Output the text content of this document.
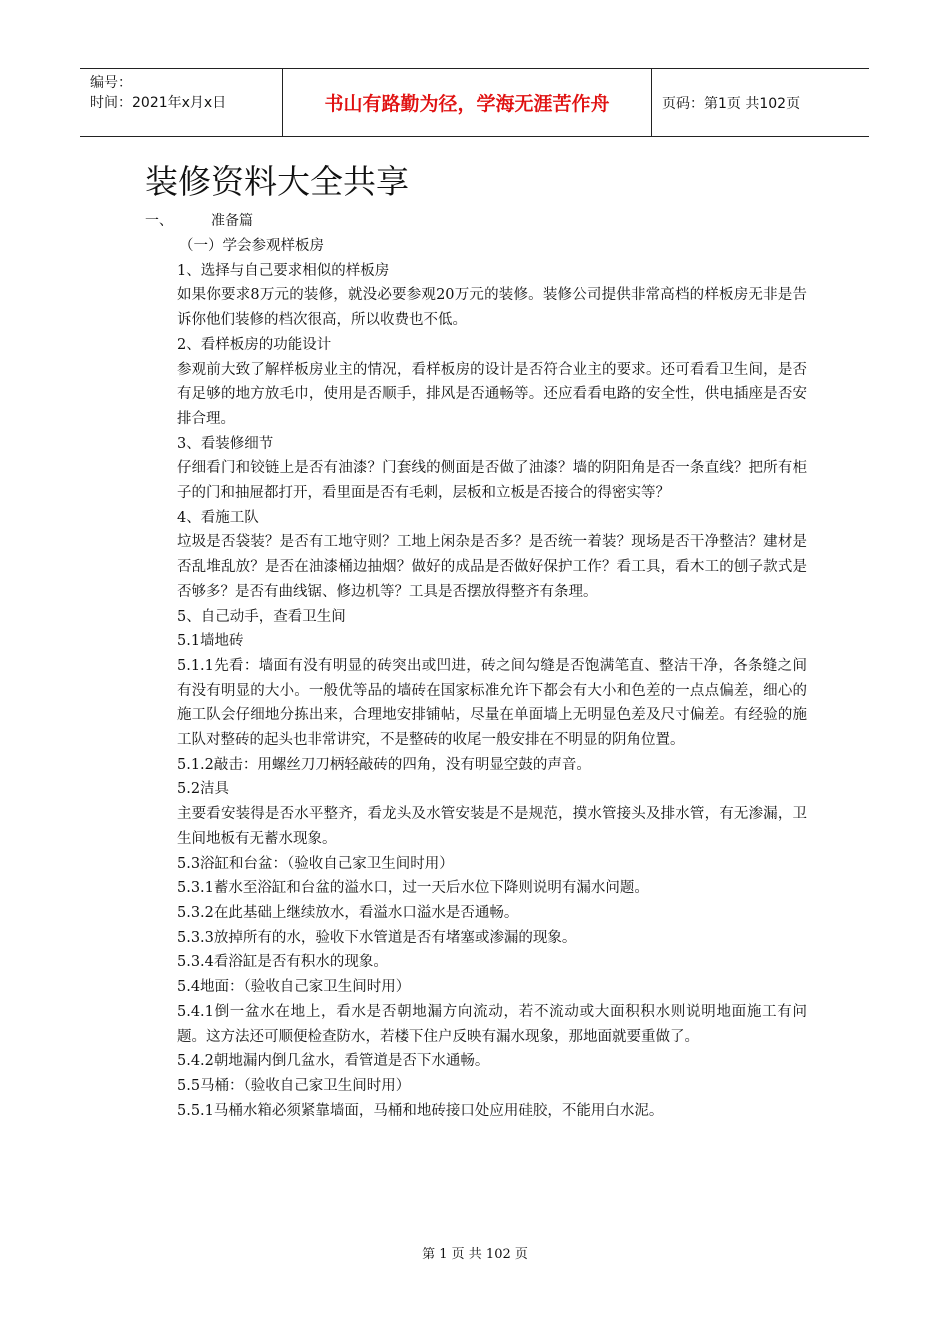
编号：
时间：2021年x月x日	书山有路勤为径，学海无涯苦作舟	页码：第1页 共102页
装修资料大全共享
一、	准备篇

（一）学会参观样板房

1、选择与自己要求相似的样板房

如果你要求8万元的装修，就没必要参观20万元的装修。装修公司提供非常高档的样板房无非是告诉你他们装修的档次很高，所以收费也不低。

2、看样板房的功能设计

参观前大致了解样板房业主的情况，看样板房的设计是否符合业主的要求。还可看看卫生间，是否有足够的地方放毛巾，使用是否顺手，排风是否通畅等。还应看看电路的安全性，供电插座是否安排合理。

3、看装修细节

仔细看门和铰链上是否有油漆？门套线的侧面是否做了油漆？墙的阴阳角是否一条直线？把所有柜子的门和抽屉都打开，看里面是否有毛刺，层板和立板是否接合的得密实等？

4、看施工队

垃圾是否袋装？是否有工地守则？工地上闲杂是否多？是否统一着装？现场是否干净整洁？建材是否乱堆乱放？是否在油漆桶边抽烟？做好的成品是否做好保护工作？看工具，看木工的刨子款式是否够多？是否有曲线锯、修边机等？工具是否摆放得整齐有条理。

5、自己动手，查看卫生间

5.1墙地砖

5.1.1先看：墙面有没有明显的砖突出或凹进，砖之间勾缝是否饱满笔直、整洁干净，各条缝之间有没有明显的大小。一般优等品的墙砖在国家标准允许下都会有大小和色差的一点点偏差，细心的施工队会仔细地分拣出来，合理地安排铺帖，尽量在单面墙上无明显色差及尺寸偏差。有经验的施工队对整砖的起头也非常讲究，不是整砖的收尾一般安排在不明显的阴角位置。

5.1.2敲击：用螺丝刀刀柄轻敲砖的四角，没有明显空鼓的声音。

5.2洁具

主要看安装得是否水平整齐，看龙头及水管安装是不是规范，摸水管接头及排水管，有无渗漏，卫生间地板有无蓄水现象。

5.3浴缸和台盆：（验收自己家卫生间时用）

5.3.1蓄水至浴缸和台盆的溢水口，过一天后水位下降则说明有漏水问题。

5.3.2在此基础上继续放水，看溢水口溢水是否通畅。

5.3.3放掉所有的水，验收下水管道是否有堵塞或渗漏的现象。

5.3.4看浴缸是否有积水的现象。

5.4地面：（验收自己家卫生间时用）

5.4.1倒一盆水在地上，看水是否朝地漏方向流动，若不流动或大面积积水则说明地面施工有问题。这方法还可顺便检查防水，若楼下住户反映有漏水现象，那地面就要重做了。

5.4.2朝地漏内倒几盆水，看管道是否下水通畅。

5.5马桶：（验收自己家卫生间时用）

5.5.1马桶水箱必须紧靠墙面，马桶和地砖接口处应用硅胶，不能用白水泥。

第 1 页 共 102 页
